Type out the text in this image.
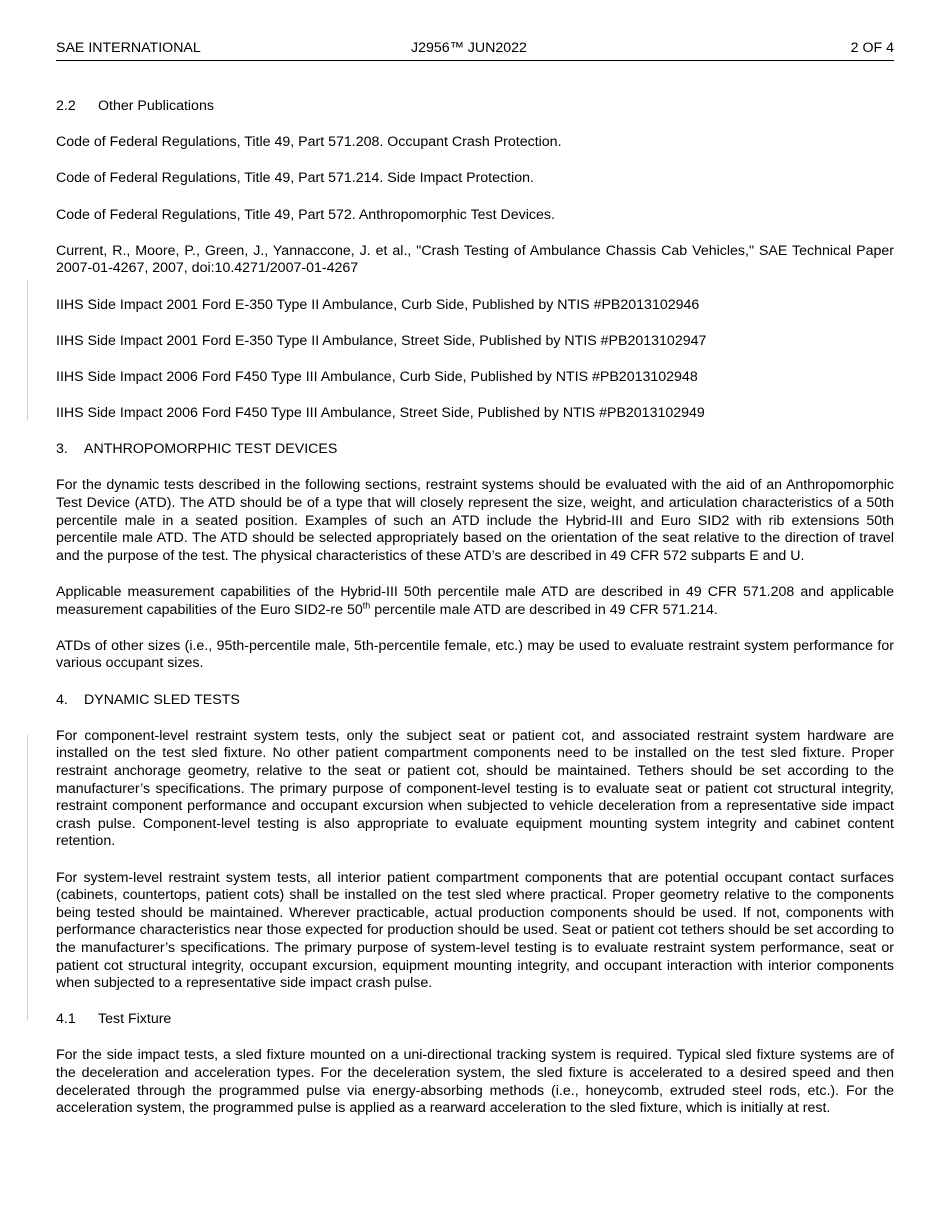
SAE INTERNATIONAL	J2956™ JUN2022	2 OF 4
2.2 Other Publications

Code of Federal Regulations, Title 49, Part 571.208. Occupant Crash Protection.

Code of Federal Regulations, Title 49, Part 571.214. Side Impact Protection.

Code of Federal Regulations, Title 49, Part 572. Anthropomorphic Test Devices.

Current, R., Moore, P., Green, J., Yannaccone, J. et al., "Crash Testing of Ambulance Chassis Cab Vehicles," SAE Technical Paper 2007-01-4267, 2007, doi:10.4271/2007-01-4267

IIHS Side Impact 2001 Ford E-350 Type II Ambulance, Curb Side, Published by NTIS #PB2013102946

IIHS Side Impact 2001 Ford E-350 Type II Ambulance, Street Side, Published by NTIS #PB2013102947

IIHS Side Impact 2006 Ford F450 Type III Ambulance, Curb Side, Published by NTIS #PB2013102948

IIHS Side Impact 2006 Ford F450 Type III Ambulance, Street Side, Published by NTIS #PB2013102949

3. ANTHROPOMORPHIC TEST DEVICES

For the dynamic tests described in the following sections, restraint systems should be evaluated with the aid of an Anthropomorphic Test Device (ATD). The ATD should be of a type that will closely represent the size, weight, and articulation characteristics of a 50th percentile male in a seated position. Examples of such an ATD include the Hybrid-III and Euro SID2 with rib extensions 50th percentile male ATD. The ATD should be selected appropriately based on the orientation of the seat relative to the direction of travel and the purpose of the test. The physical characteristics of these ATD’s are described in 49 CFR 572 subparts E and U.

Applicable measurement capabilities of the Hybrid-III 50th percentile male ATD are described in 49 CFR 571.208 and applicable measurement capabilities of the Euro SID2-re 50th percentile male ATD are described in 49 CFR 571.214.

ATDs of other sizes (i.e., 95th-percentile male, 5th-percentile female, etc.) may be used to evaluate restraint system performance for various occupant sizes.

4. DYNAMIC SLED TESTS

For component-level restraint system tests, only the subject seat or patient cot, and associated restraint system hardware are installed on the test sled fixture. No other patient compartment components need to be installed on the test sled fixture. Proper restraint anchorage geometry, relative to the seat or patient cot, should be maintained. Tethers should be set according to the manufacturer’s specifications. The primary purpose of component-level testing is to evaluate seat or patient cot structural integrity, restraint component performance and occupant excursion when subjected to vehicle deceleration from a representative side impact crash pulse. Component-level testing is also appropriate to evaluate equipment mounting system integrity and cabinet content retention.

For system-level restraint system tests, all interior patient compartment components that are potential occupant contact surfaces (cabinets, countertops, patient cots) shall be installed on the test sled where practical. Proper geometry relative to the components being tested should be maintained. Wherever practicable, actual production components should be used. If not, components with performance characteristics near those expected for production should be used. Seat or patient cot tethers should be set according to the manufacturer’s specifications. The primary purpose of system-level testing is to evaluate restraint system performance, seat or patient cot structural integrity, occupant excursion, equipment mounting integrity, and occupant interaction with interior components when subjected to a representative side impact crash pulse.

4.1 Test Fixture

For the side impact tests, a sled fixture mounted on a uni-directional tracking system is required. Typical sled fixture systems are of the deceleration and acceleration types. For the deceleration system, the sled fixture is accelerated to a desired speed and then decelerated through the programmed pulse via energy-absorbing methods (i.e., honeycomb, extruded steel rods, etc.). For the acceleration system, the programmed pulse is applied as a rearward acceleration to the sled fixture, which is initially at rest.
